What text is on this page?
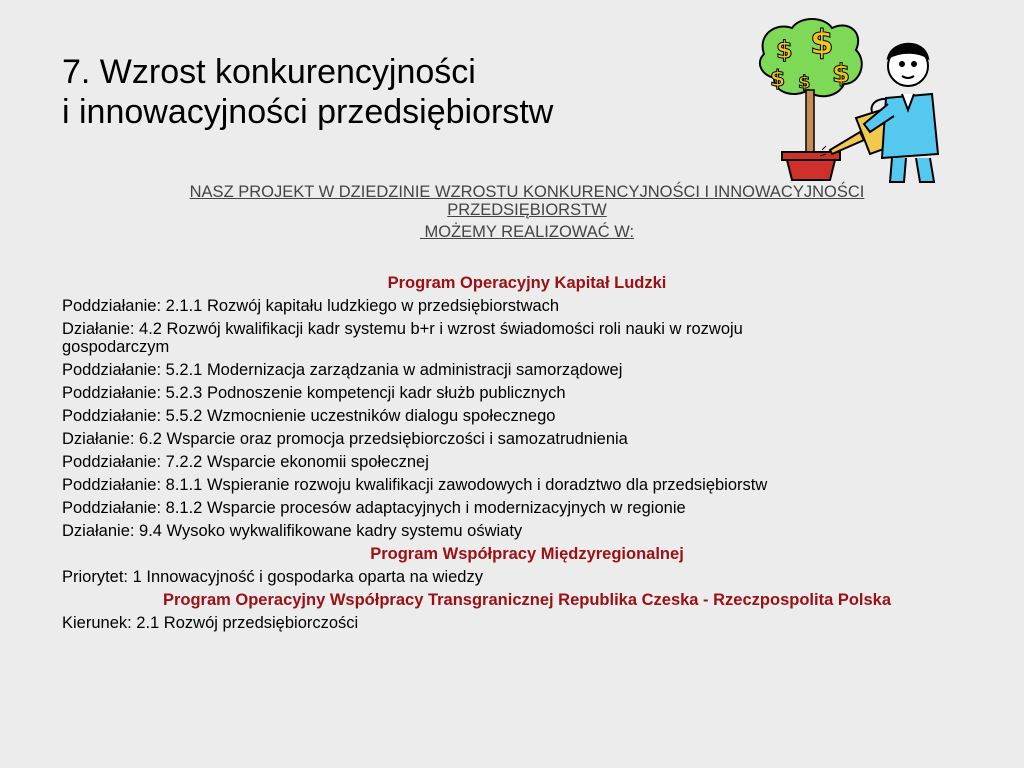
7. Wzrost konkurencyjności
i innowacyjności przedsiębiorstw
$ $
$ $ $
NASZ PROJEKT W DZIEDZINIE WZROSTU KONKURENCYJNOŚCI I INNOWACYJNOŚCI
PRZEDSIĘBIORSTW
MOŻEMY REALIZOWAĆ W:
Program Operacyjny Kapitał Ludzki
Poddziałanie: 2.1.1 Rozwój kapitału ludzkiego w przedsiębiorstwach
Działanie: 4.2 Rozwój kwalifikacji kadr systemu b+r i wzrost świadomości roli nauki w rozwoju
gospodarczym
Poddziałanie: 5.2.1 Modernizacja zarządzania w administracji samorządowej
Poddziałanie: 5.2.3 Podnoszenie kompetencji kadr służb publicznych
Poddziałanie: 5.5.2 Wzmocnienie uczestników dialogu społecznego
Działanie: 6.2 Wsparcie oraz promocja przedsiębiorczości i samozatrudnienia
Poddziałanie: 7.2.2 Wsparcie ekonomii społecznej
Poddziałanie: 8.1.1 Wspieranie rozwoju kwalifikacji zawodowych i doradztwo dla przedsiębiorstw
Poddziałanie: 8.1.2 Wsparcie procesów adaptacyjnych i modernizacyjnych w regionie
Działanie: 9.4 Wysoko wykwalifikowane kadry systemu oświaty
Program Współpracy Międzyregionalnej
Priorytet: 1 Innowacyjność i gospodarka oparta na wiedzy
Program Operacyjny Współpracy Transgranicznej Republika Czeska - Rzeczpospolita Polska
Kierunek: 2.1 Rozwój przedsiębiorczości
